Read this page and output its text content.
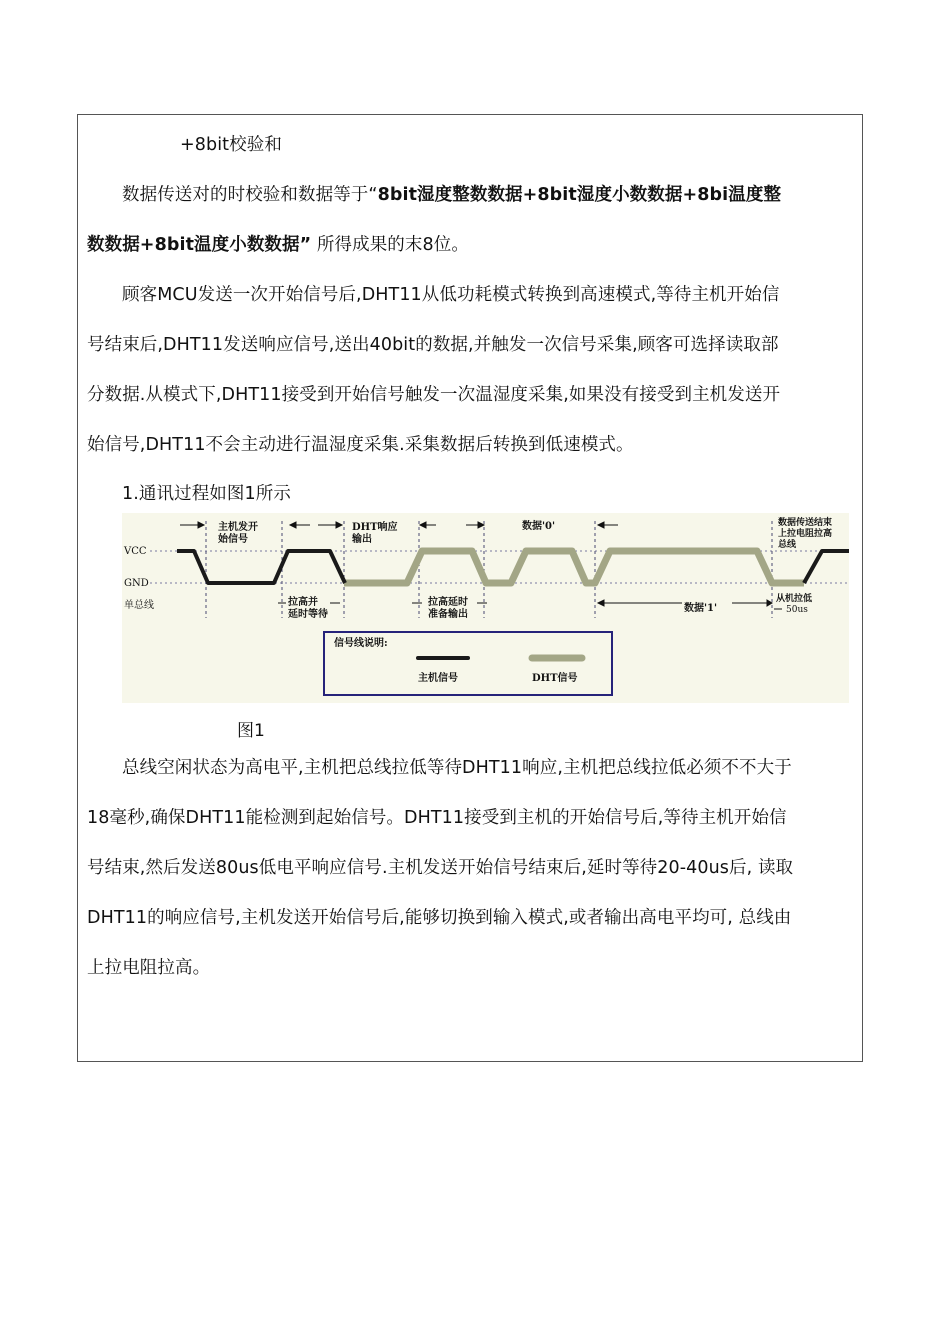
+8bit校验和
数据传送对的时校验和数据等于“8bit湿度整数数据+8bit湿度小数数据+8bi温度整
数数据+8bit温度小数数据” 所得成果的末8位。
顾客MCU发送一次开始信号后,DHT11从低功耗模式转换到高速模式,等待主机开始信
号结束后,DHT11发送响应信号,送出40bit的数据,并触发一次信号采集,顾客可选择读取部
分数据.从模式下,DHT11接受到开始信号触发一次温湿度采集,如果没有接受到主机发送开
始信号,DHT11不会主动进行温湿度采集.采集数据后转换到低速模式。
1.通讯过程如图1所示
VCC
GND
单总线
主机发开
始信号
DHT响应
输出
数据'0'	数据传送结束
上拉电阻拉高
总线
拉高并
延时等待
拉高延时
准备输出
数据'1'
从机拉低
50us
信号线说明:
主机信号	DHT信号
图1
总线空闲状态为高电平,主机把总线拉低等待DHT11响应,主机把总线拉低必须不不大于
18毫秒,确保DHT11能检测到起始信号。DHT11接受到主机的开始信号后,等待主机开始信
号结束,然后发送80us低电平响应信号.主机发送开始信号结束后,延时等待20-40us后, 读取
DHT11的响应信号,主机发送开始信号后,能够切换到输入模式,或者输出高电平均可, 总线由
上拉电阻拉高。
